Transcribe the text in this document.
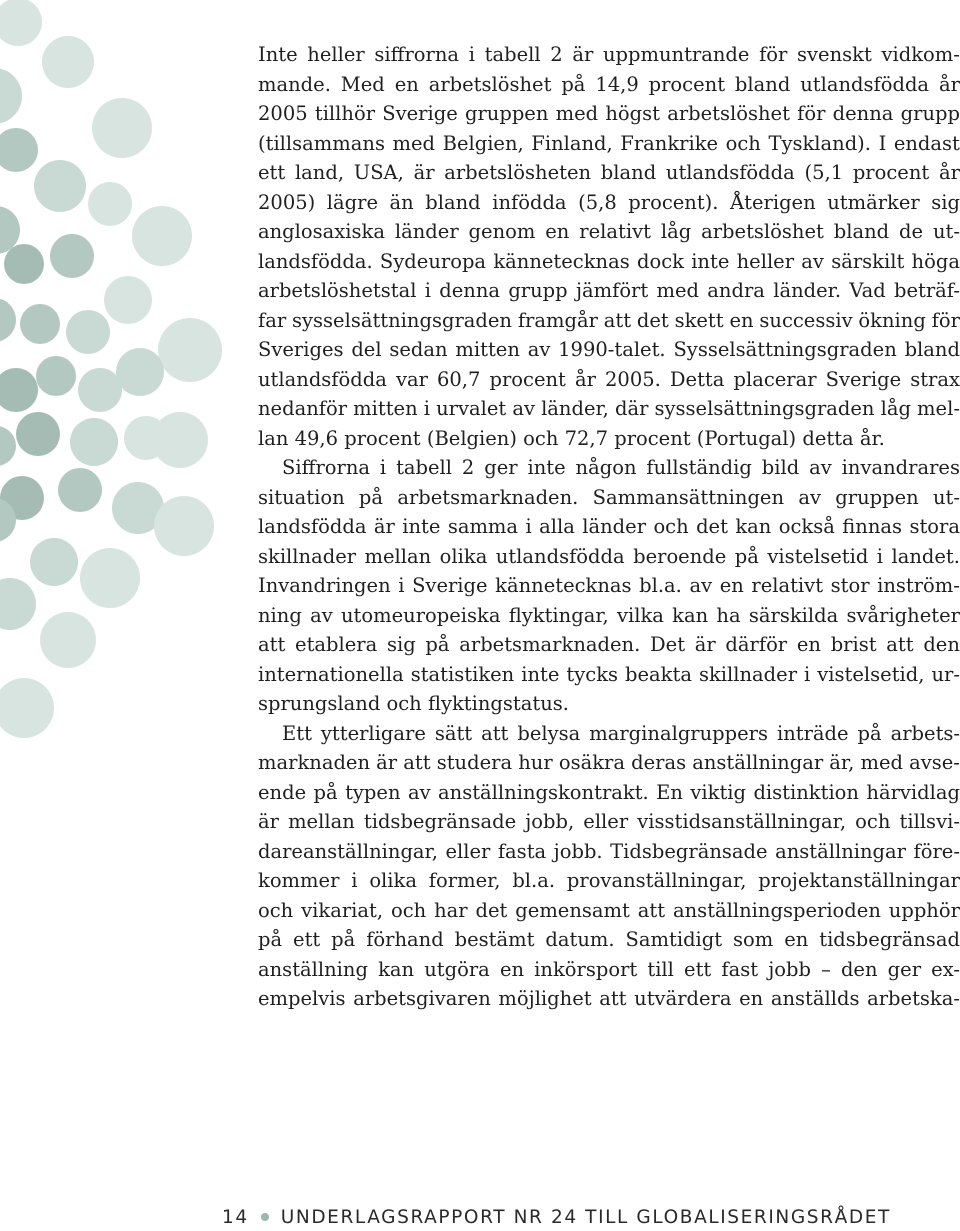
Inte heller siffrorna i tabell 2 är uppmuntrande för svenskt vidkom-
mande. Med en arbetslöshet på 14,9 procent bland utlandsfödda år
2005 tillhör Sverige gruppen med högst arbetslöshet för denna grupp
(tillsammans med Belgien, Finland, Frankrike och Tyskland). I endast
ett land, USA, är arbetslösheten bland utlandsfödda (5,1 procent år
2005) lägre än bland infödda (5,8 procent). Återigen utmärker sig
anglosaxiska länder genom en relativt låg arbetslöshet bland de ut-
landsfödda. Sydeuropa kännetecknas dock inte heller av särskilt höga
arbetslöshetstal i denna grupp jämfört med andra länder. Vad beträf-
far sysselsättningsgraden framgår att det skett en successiv ökning för
Sveriges del sedan mitten av 1990-talet. Sysselsättningsgraden bland
utlandsfödda var 60,7 procent år 2005. Detta placerar Sverige strax
nedanför mitten i urvalet av länder, där sysselsättningsgraden låg mel-
lan 49,6 procent (Belgien) och 72,7 procent (Portugal) detta år.
Siffrorna i tabell 2 ger inte någon fullständig bild av invandrares
situation på arbetsmarknaden. Sammansättningen av gruppen ut-
landsfödda är inte samma i alla länder och det kan också finnas stora
skillnader mellan olika utlandsfödda beroende på vistelsetid i landet.
Invandringen i Sverige kännetecknas bl.a. av en relativt stor inström-
ning av utomeuropeiska flyktingar, vilka kan ha särskilda svårigheter
att etablera sig på arbetsmarknaden. Det är därför en brist att den
internationella statistiken inte tycks beakta skillnader i vistelsetid, ur-
sprungsland och flyktingstatus.
Ett ytterligare sätt att belysa marginalgruppers inträde på arbets-
marknaden är att studera hur osäkra deras anställningar är, med avse-
ende på typen av anställningskontrakt. En viktig distinktion härvidlag
är mellan tidsbegränsade jobb, eller visstidsanställningar, och tillsvi-
dareanställningar, eller fasta jobb. Tidsbegränsade anställningar före-
kommer i olika former, bl.a. provanställningar, projektanställningar
och vikariat, och har det gemensamt att anställningsperioden upphör
på ett på förhand bestämt datum. Samtidigt som en tidsbegränsad
anställning kan utgöra en inkörsport till ett fast jobb – den ger ex-
empelvis arbetsgivaren möjlighet att utvärdera en anställds arbetska-
14 UNDERLAGSRAPPORT NR 24 TILL GLOBALISERINGSRÅDET
